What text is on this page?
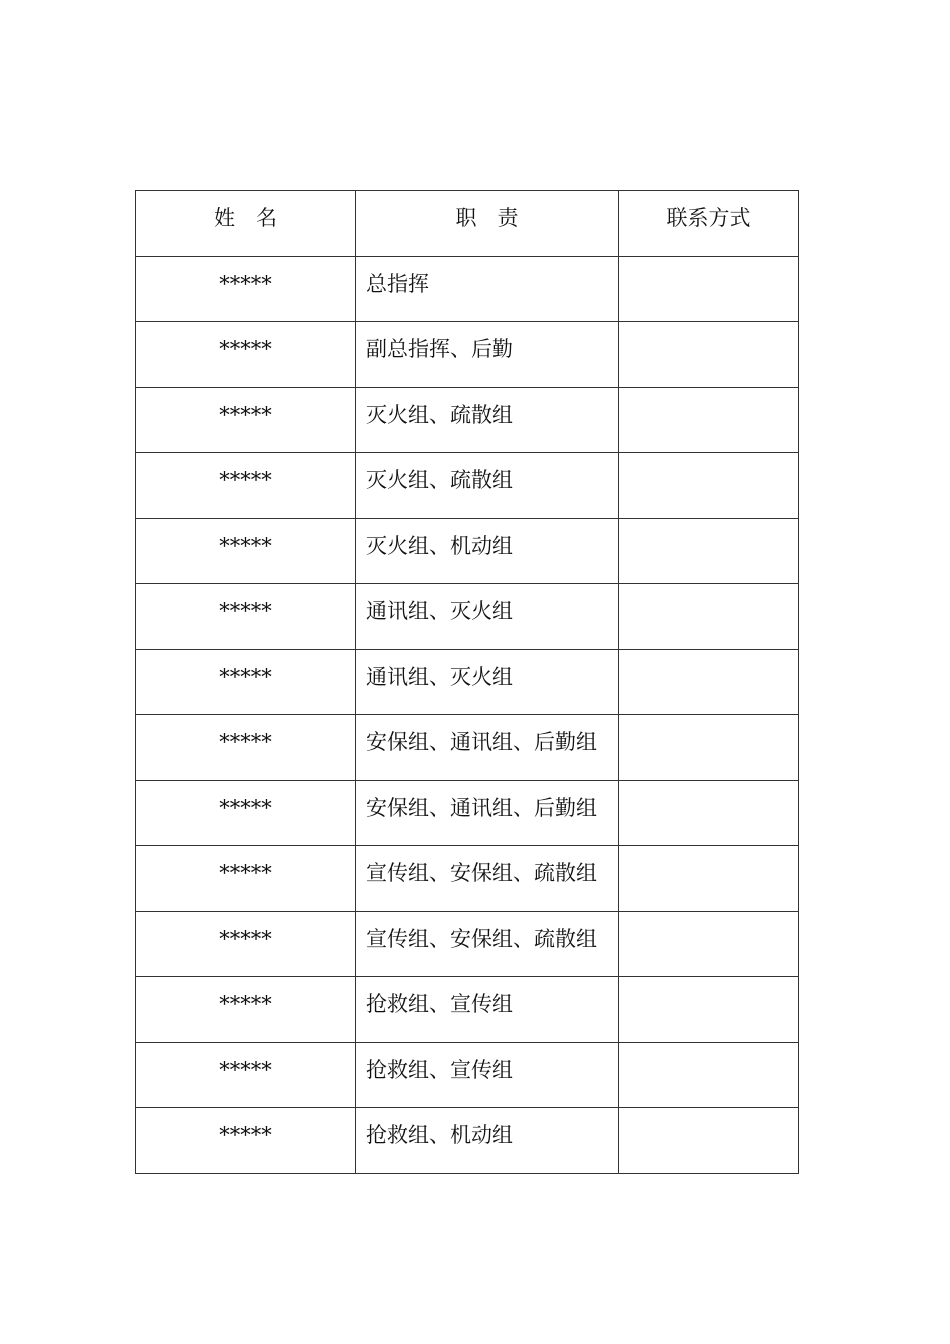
姓　名	职　责	联系方式

*****	总指挥	

*****	副总指挥、后勤	

*****	灭火组、疏散组	

*****	灭火组、疏散组	

*****	灭火组、机动组	

*****	通讯组、灭火组	

*****	通讯组、灭火组	

*****	安保组、通讯组、后勤组	

*****	安保组、通讯组、后勤组	

*****	宣传组、安保组、疏散组	

*****	宣传组、安保组、疏散组	

*****	抢救组、宣传组	

*****	抢救组、宣传组	

*****	抢救组、机动组	
